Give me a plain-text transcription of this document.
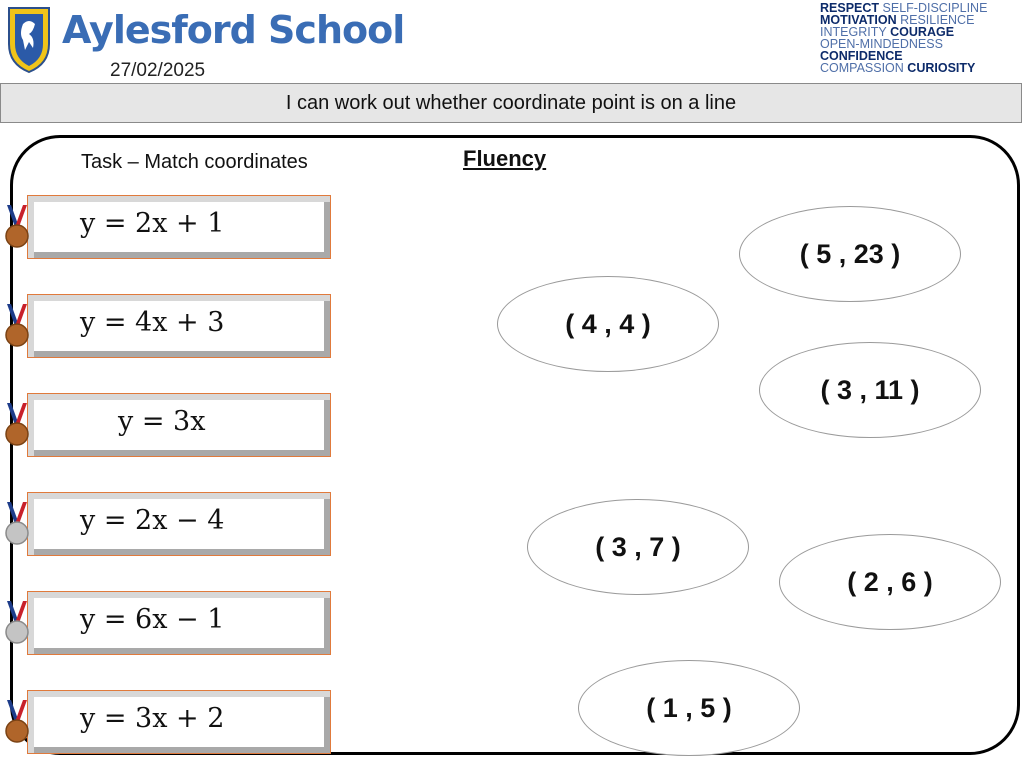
Aylesford School
27/02/2025
RESPECT SELF-DISCIPLINE
MOTIVATION RESILIENCE
INTEGRITY COURAGE
OPEN-MINDEDNESS
CONFIDENCE
COMPASSION CURIOSITY
I can work out whether coordinate point is on a line
Task – Match coordinates	Fluency
y = 2x + 1
y = 4x + 3
y = 3x
y = 2x − 4
y = 6x − 1
y = 3x + 2
( 5 , 23 )
( 4 , 4 )
( 3 , 11 )
( 3 , 7 )
( 2 , 6 )
( 1 , 5 )
